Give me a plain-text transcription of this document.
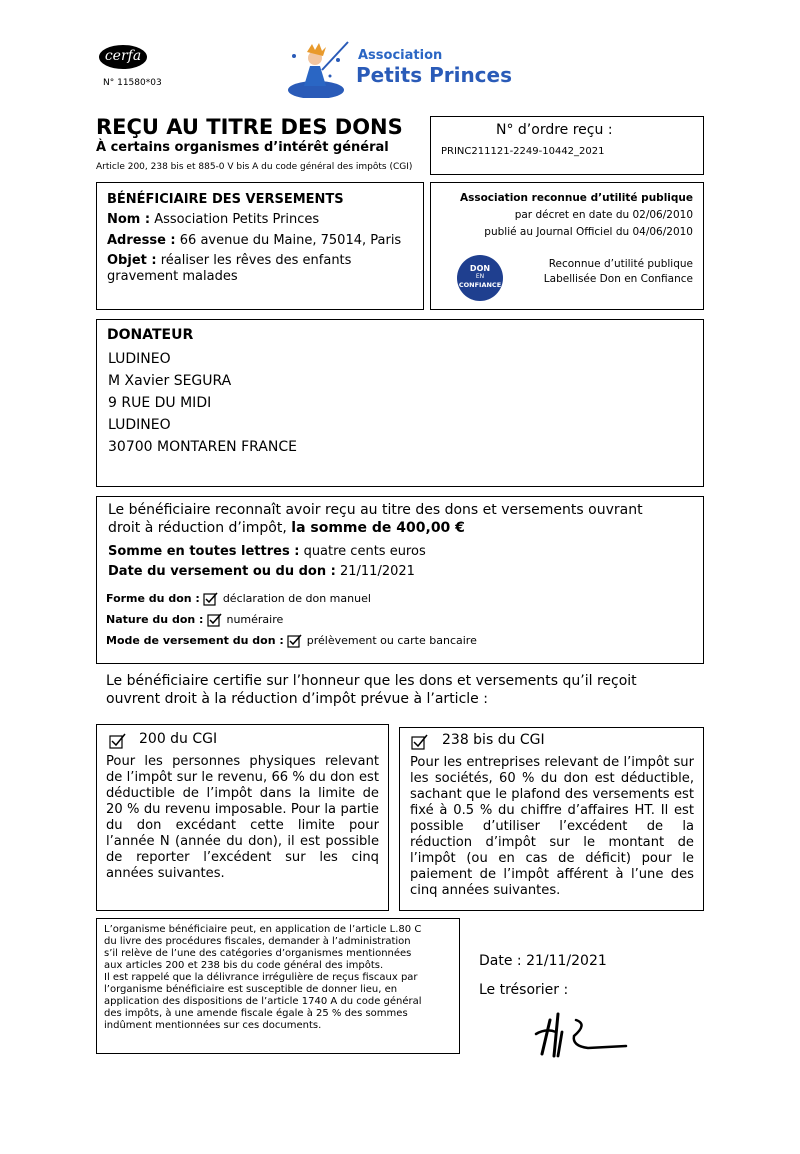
cerfa
N° 11580*03
Association
Petits Princes
REÇU AU TITRE DES DONS
À certains organismes d’intérêt général
Article 200, 238 bis et 885-0 V bis A du code général des impôts (CGI)
N° d’ordre reçu :
PRINC211121-2249-10442_2021
BÉNÉFICIAIRE DES VERSEMENTS
Nom : Association Petits Princes
Adresse : 66 avenue du Maine, 75014, Paris
Objet : réaliser les rêves des enfants
gravement malades
Association reconnue d’utilité publique
par décret en date du 02/06/2010
publié au Journal Officiel du 04/06/2010
DON
EN
CONFIANCE
Reconnue d’utilité publique
Labellisée Don en Confiance
DONATEUR
LUDINEO
M Xavier SEGURA
9 RUE DU MIDI
LUDINEO
30700 MONTAREN FRANCE
Le bénéficiaire reconnaît avoir reçu au titre des dons et versements ouvrant
droit à réduction d’impôt, la somme de 400,00 €
Somme en toutes lettres : quatre cents euros
Date du versement ou du don : 21/11/2021
Forme du don : déclaration de don manuel
Nature du don : numéraire
Mode de versement du don : prélèvement ou carte bancaire
Le bénéficiaire certifie sur l’honneur que les dons et versements qu’il reçoit
ouvrent droit à la réduction d’impôt prévue à l’article :
200 du CGI
Pour les personnes physiques relevant de l’impôt sur le revenu, 66 % du don est déductible de l’impôt dans la limite de 20 % du revenu imposable. Pour la partie du don excédant cette limite pour l’année N (année du don), il est possible de reporter l’excédent sur les cinq années suivantes.
238 bis du CGI
Pour les entreprises relevant de l’impôt sur les sociétés, 60 % du don est déductible, sachant que le plafond des versements est fixé à 0.5 % du chiffre d’affaires HT. Il est possible d’utiliser l’excédent de la réduction d’impôt sur le montant de l’impôt (ou en cas de déficit) pour le paiement de l’impôt afférent à l’une des cinq années suivantes.
L’organisme bénéficiaire peut, en application de l’article L.80 C
du livre des procédures fiscales, demander à l’administration
s’il relève de l’une des catégories d’organismes mentionnées
aux articles 200 et 238 bis du code général des impôts.
Il est rappelé que la délivrance irrégulière de reçus fiscaux par
l’organisme bénéficiaire est susceptible de donner lieu, en
application des dispositions de l’article 1740 A du code général
des impôts, à une amende fiscale égale à 25 % des sommes
indûment mentionnées sur ces documents.
Date : 21/11/2021
Le trésorier :
